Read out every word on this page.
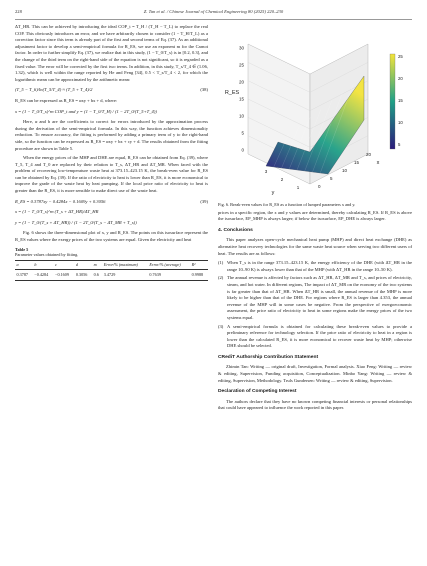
228	Z. Tan et al. / Chinese Journal of Chemical Engineering 80 (2025) 220–230

ΔT_HR. This can be achieved by introducing the ideal COP_t = T_H / (T_H − T_L) to replace the real COP. This obviously introduces an error, and we have arbitrarily chosen to consider (1 − T_H/T_L) as a correction factor since this term is already part of the first and second terms of Eq. (37). As an additional adjustment factor to develop a semi-empirical formula for R_ES, we use an exponent m for the Carnot factor. In order to further simplify Eq. (37), we realize that in this study, (1 − T_0/T_s) is in [0.2, 0.3], and the change of the third term on the right-hand side of the equation is not significant, so it is regarded as a fixed value. The error will be corrected by the first two terms. In addition, in this study, T_s/T_4 ∈ (1.06, 1.32), which is well within the range reported by He and Feng [34], 0.5 < T_s/T_4 < 2, for which the logarithmic mean can be approximated by the arithmetic mean:

(T_5 − T_6)/ln(T_5/T_4) ≈ (T_5 + T_4)/2	(38)

R_ES can be expressed as R_ES = αxy + bx + d, where:

x = (1 − T_0/T_s)^m COP_t and y = (1 − T_0/T_H) / (1 − 2T_0/(T_5+T_4))

Here, α and b are the coefficients to correct for errors introduced by the approximation process during the derivation of the semi-empirical formula. In this way, the function achieves dimensionality reduction. To ensure accuracy, the fitting is performed by adding a primary term of y to the right-hand side, so the function can be expressed as R_ES = αxy + bx + cy + d. The results obtained from the fitting procedure are shown in Table 5.

When the energy prices of the MHP and DHE are equal, R_ES can be obtained from Eq. (39), where T_5, T_4 and T_0 are replaced by their relation to T_s, ΔT_HR and ΔT_MR. When faced with the problem of recovering low-temperature waste heat at 373.15–423.15 K, the break-even value for R_ES can be obtained by Eq. (39). If the ratio of electricity to heat is lower than R_ES, it is more economical to improve the grade of the waste heat by heat pumping. If the local price ratio of electricity to heat is greater than the R_ES, it is more sensible to make direct use of the waste heat.

R_ES = 0.3787xy − 0.4284x − 0.1609y + 0.3056	(39)
x = (1 − T_0/T_s)^m (T_s + ΔT_HR)/ΔT_HR
y = (1 − T_0/(T_s + ΔT_HR)) / (1 − 2T_0/(T_s − ΔT_MR + T_s))

Fig. 6 shows the three-dimensional plot of x, y and R_ES. The points on this isosurface represent the R_ES values where the exergy prices of the two systems are equal. Given the electricity and heat

Table 5
Parameter values obtained by fitting.
a	b	c	d	m	Error/% (maximum)	Error/% (average)	R²
0.3787	−0.4284	−0.1609	0.3056	0.6	3.4729	0.7639	0.9988
0
5
10
15
20
25
30
R_ES
0
5
10
15
20
x
1
2
3
y
5
10
15
20
25
Fig. 6. Break-even values for R_ES as a function of lumped parameters x and y.

prices in a specific region, the x and y values are determined, thereby calculating R_ES. If R_ES is above the isosurface, EP_MHP is always larger; if below the isosurface, EP_DHE is always larger.

4. Conclusions

This paper analyzes open-cycle mechanical heat pump (MHP) and direct heat exchange (DHE) as alternative heat recovery technologies for the same waste heat source when serving two different users of heat. The results are as follows:

(1) When T_s is in the range 373.15–423.15 K, the energy efficiency of the DHE (with ΔT_HR in the range 10–90 K) is always lower than that of the MHP (with ΔT_HR in the range 10–50 K).
(2) The annual revenue is affected by factors such as ΔT_HR, ΔT_MR and T_s, and prices of electricity, steam, and hot water. In different regions, The impact of ΔT_MR on the economy of the two systems is far greater than that of ΔT_HR. When ΔT_HR is small, the annual revenue of the MHP is more likely to be higher than that of the DHE. For regions where R_ES is larger than 4.353, the annual revenue of the MHP will in some cases be negative. From the perspective of exergoeconomic assessment, the price ratio of electricity to heat in some regions make the energy prices of the two systems equal.
(3) A semi-empirical formula is obtained for calculating these break-even values to provide a preliminary reference for technology selection. If the price ratio of electricity to heat in a region is lower than the calculated R_ES, it is more economical to recover waste heat by MHP; otherwise DHE should be selected.
CRediT Authorship Contribution Statement

Zhimin Tan: Writing — original draft, Investigation, Formal analysis. Xiao Feng: Writing — review & editing, Supervision, Funding acquisition, Conceptualization. Minbo Yang: Writing — review & editing, Supervision, Methodology. Truls Gundersen: Writing — review & editing, Supervision.

Declaration of Competing Interest

The authors declare that they have no known competing financial interests or personal relationships that could have appeared to influence the work reported in this paper.
